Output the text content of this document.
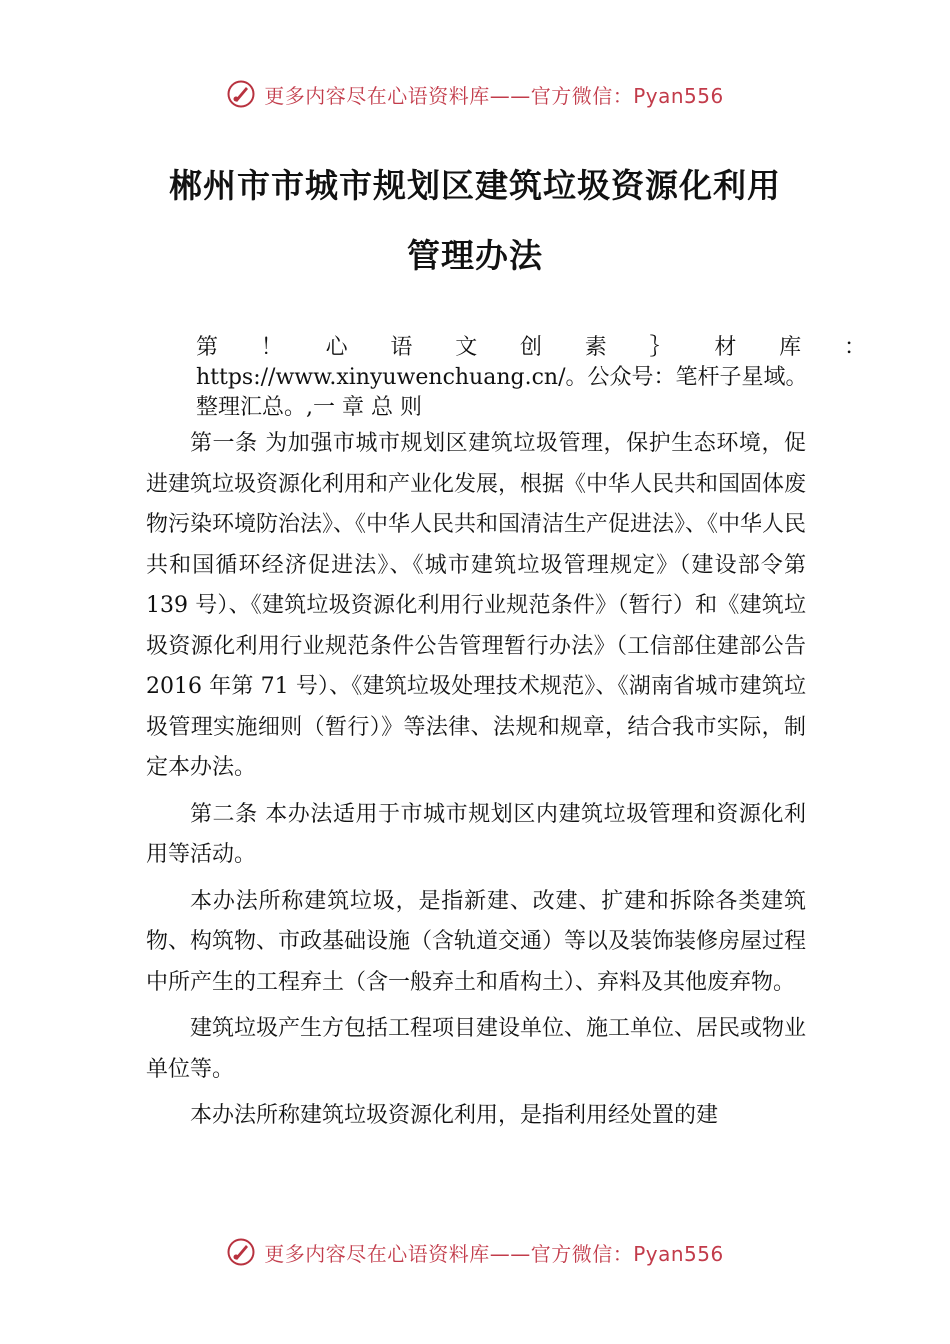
更多内容尽在心语资料库——官方微信：Pyan556
郴州市市城市规划区建筑垃圾资源化利用
管理办法
第 ！ 心 语 文 创 素 ｝ 材 库 ：
https://www.xinyuwenchuang.cn/。公众号：笔杆子星域。
整理汇总。,一 章 总 则

第一条 为加强市城市规划区建筑垃圾管理，保护生态环境，促进建筑垃圾资源化利用和产业化发展，根据《中华人民共和国固体废物污染环境防治法》、《中华人民共和国清洁生产促进法》、《中华人民共和国循环经济促进法》、《城市建筑垃圾管理规定》（建设部令第 139 号）、《建筑垃圾资源化利用行业规范条件》（暂行）和《建筑垃圾资源化利用行业规范条件公告管理暂行办法》（工信部住建部公告 2016 年第 71 号）、《建筑垃圾处理技术规范》、《湖南省城市建筑垃圾管理实施细则（暂行）》等法律、法规和规章，结合我市实际，制定本办法。

第二条 本办法适用于市城市规划区内建筑垃圾管理和资源化利用等活动。

本办法所称建筑垃圾，是指新建、改建、扩建和拆除各类建筑物、构筑物、市政基础设施（含轨道交通）等以及装饰装修房屋过程中所产生的工程弃土（含一般弃土和盾构土）、弃料及其他废弃物。

建筑垃圾产生方包括工程项目建设单位、施工单位、居民或物业单位等。

本办法所称建筑垃圾资源化利用，是指利用经处置的建

更多内容尽在心语资料库——官方微信：Pyan556
